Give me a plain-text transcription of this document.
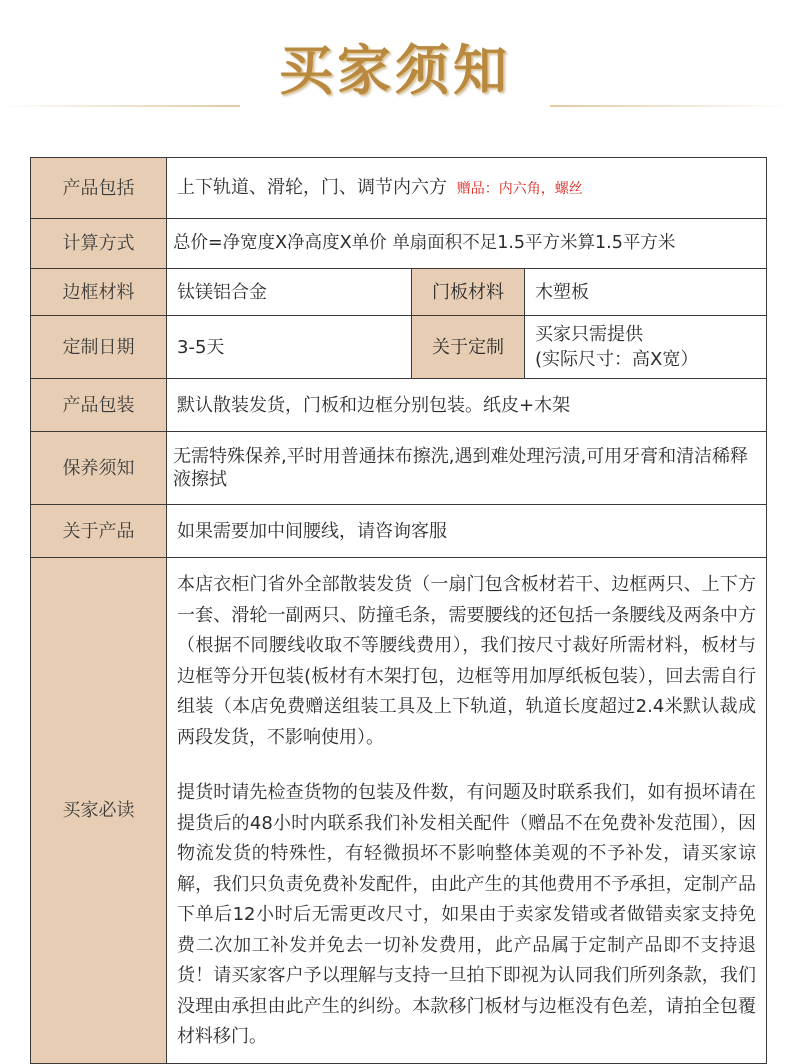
买家须知
产品包括	上下轨道、滑轮，门、调节内六方 赠品：内六角，螺丝		
计算方式	总价=净宽度X净高度X单价 单扇面积不足1.5平方米算1.5平方米		
边框材料	钛镁铝合金	门板材料	木塑板
定制日期	3-5天	关于定制	买家只需提供
(实际尺寸：高X宽）

产品包装	默认散装发货，门板和边框分别包装。纸皮+木架		
保养须知	无需特殊保养,平时用普通抹布擦洗,遇到难处理污渍,可用牙膏和清洁稀释液擦拭		
关于产品	如果需要加中间腰线，请咨询客服		
买家必读	本店衣柜门省外全部散装发货（一扇门包含板材若干、边框两只、上下方一套、滑轮一副两只、防撞毛条，需要腰线的还包括一条腰线及两条中方（根据不同腰线收取不等腰线费用），我们按尺寸裁好所需材料，板材与边框等分开包装(板材有木架打包，边框等用加厚纸板包装），回去需自行组装（本店免费赠送组装工具及上下轨道，轨道长度超过2.4米默认裁成两段发货，不影响使用）。

提货时请先检查货物的包装及件数，有问题及时联系我们，如有损坏请在提货后的48小时内联系我们补发相关配件（赠品不在免费补发范围），因物流发货的特殊性，有轻微损坏不影响整体美观的不予补发，请买家谅解，我们只负责免费补发配件，由此产生的其他费用不予承担，定制产品下单后12小时后无需更改尺寸，如果由于卖家发错或者做错卖家支持免费二次加工补发并免去一切补发费用，此产品属于定制产品即不支持退货！请买家客户予以理解与支持一旦拍下即视为认同我们所列条款，我们没理由承担由此产生的纠纷。本款移门板材与边框没有色差，请拍全包覆材料移门。		
